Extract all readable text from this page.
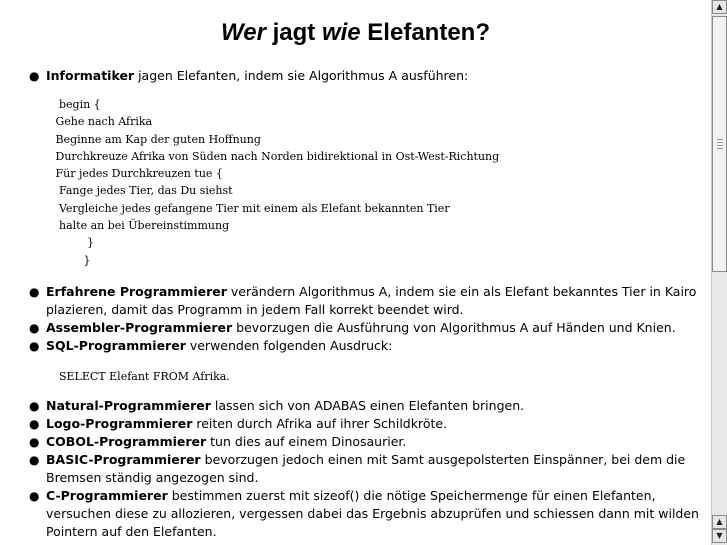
Wer jagt wie Elefanten?
● Informatiker jagen Elefanten, indem sie Algorithmus A ausführen:
begin {
Gehe nach Afrika
Beginne am Kap der guten Hoffnung
Durchkreuze Afrika von Süden nach Norden bidirektional in Ost-West-Richtung
Für jedes Durchkreuzen tue {
Fange jedes Tier, das Du siehst
Vergleiche jedes gefangene Tier mit einem als Elefant bekannten Tier
halte an bei Übereinstimmung
}
}
● Erfahrene Programmierer verändern Algorithmus A, indem sie ein als Elefant bekanntes Tier in Kairo plazieren, damit das Programm in jedem Fall korrekt beendet wird.
● Assembler-Programmierer bevorzugen die Ausführung von Algorithmus A auf Händen und Knien.
● SQL-Programmierer verwenden folgenden Ausdruck:
SELECT Elefant FROM Afrika.
● Natural-Programmierer lassen sich von ADABAS einen Elefanten bringen.
● Logo-Programmierer reiten durch Afrika auf ihrer Schildkröte.
● COBOL-Programmierer tun dies auf einem Dinosaurier.
● BASIC-Programmierer bevorzugen jedoch einen mit Samt ausgepolsterten Einspänner, bei dem die Bremsen ständig angezogen sind.
● C-Programmierer bestimmen zuerst mit sizeof() die nötige Speichermenge für einen Elefanten, versuchen diese zu allozieren, vergessen dabei das Ergebnis abzuprüfen und schiessen dann mit wilden Pointern auf den Elefanten.
▲
▲
▼
